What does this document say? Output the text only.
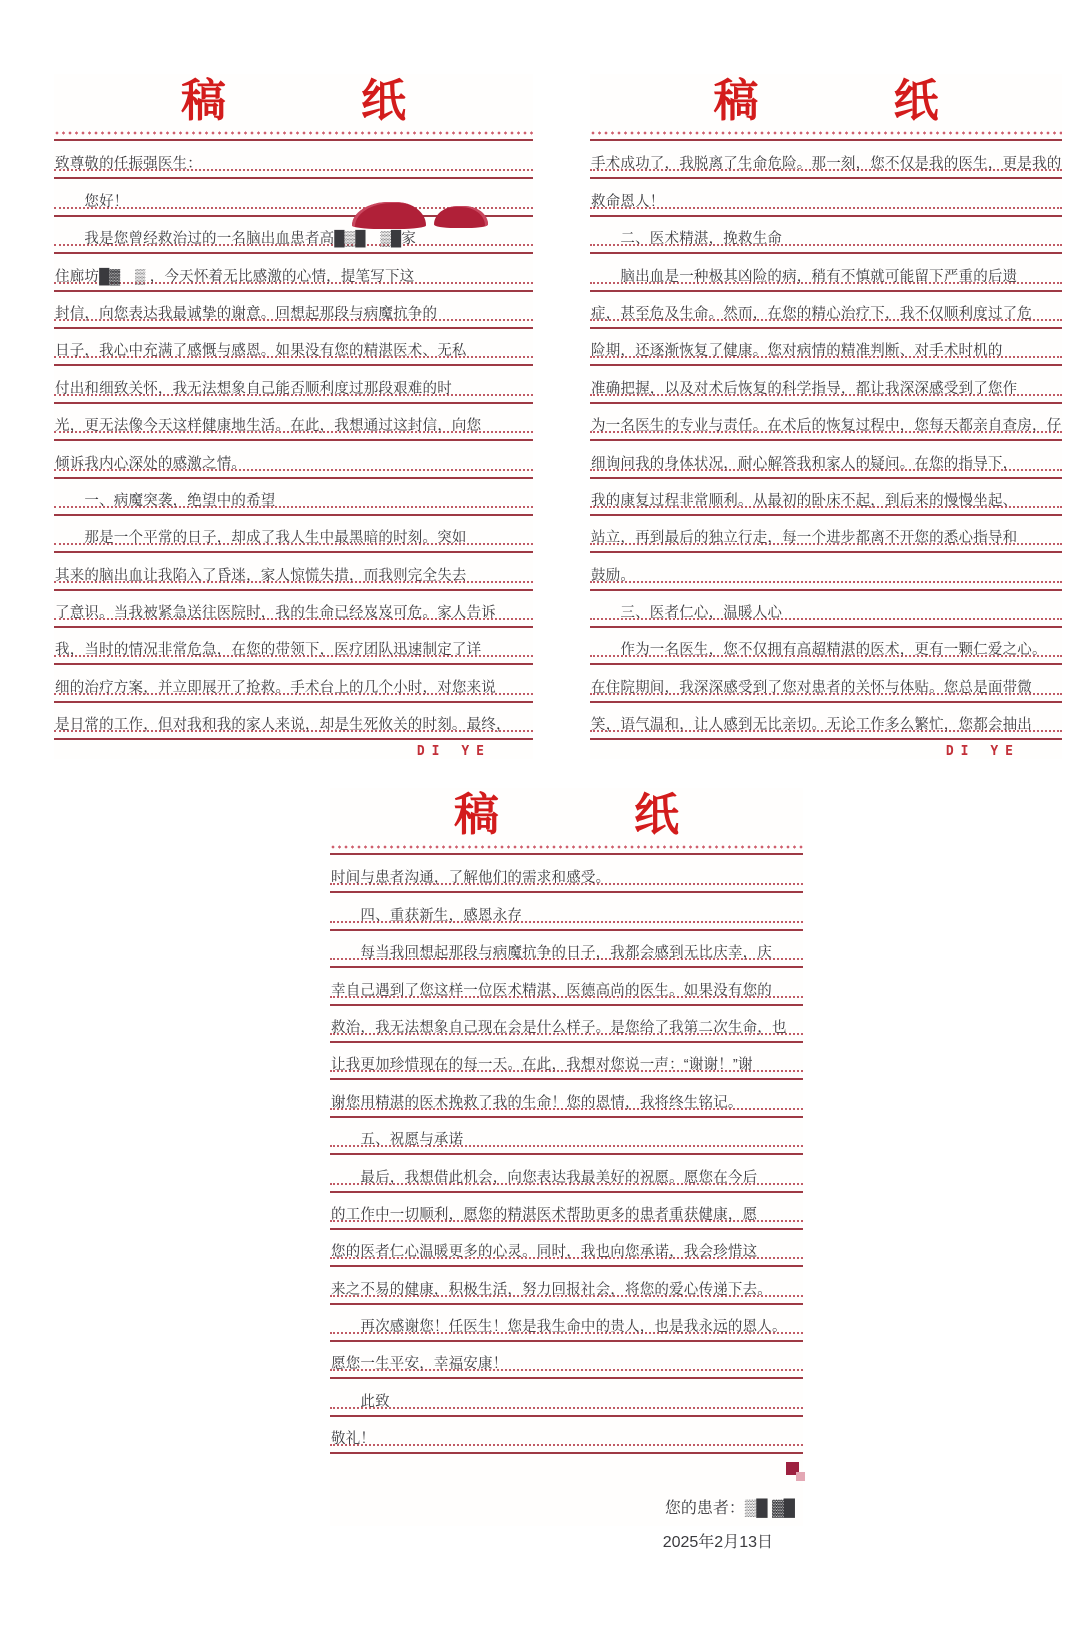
稿　　　纸
致尊敬的任振强医生：
　　您好！
　　我是您曾经救治过的一名脑出血患者高█▒█　▒█家
住廊坊█▓　▒ ，今天怀着无比感激的心情，提笔写下这
封信，向您表达我最诚挚的谢意。回想起那段与病魔抗争的
日子，我心中充满了感慨与感恩。如果没有您的精湛医术、无私
付出和细致关怀，我无法想象自己能否顺利度过那段艰难的时
光，更无法像今天这样健康地生活。在此，我想通过这封信，向您
倾诉我内心深处的感激之情。
　　一、病魔突袭，绝望中的希望
　　那是一个平常的日子，却成了我人生中最黑暗的时刻。突如
其来的脑出血让我陷入了昏迷，家人惊慌失措，而我则完全失去
了意识。当我被紧急送往医院时，我的生命已经岌岌可危。家人告诉
我，当时的情况非常危急，在您的带领下，医疗团队迅速制定了详
细的治疗方案，并立即展开了抢救。手术台上的几个小时，对您来说
是日常的工作，但对我和我的家人来说，却是生死攸关的时刻。最终，
DI YE
稿　　　纸
手术成功了，我脱离了生命危险。那一刻，您不仅是我的医生，更是我的
救命恩人！
　　二、医术精湛，挽救生命
　　脑出血是一种极其凶险的病，稍有不慎就可能留下严重的后遗
症，甚至危及生命。然而，在您的精心治疗下，我不仅顺利度过了危
险期，还逐渐恢复了健康。您对病情的精准判断、对手术时机的
准确把握，以及对术后恢复的科学指导，都让我深深感受到了您作
为一名医生的专业与责任。在术后的恢复过程中，您每天都亲自查房，仔
细询问我的身体状况，耐心解答我和家人的疑问。在您的指导下，
我的康复过程非常顺利。从最初的卧床不起，到后来的慢慢坐起、
站立，再到最后的独立行走，每一个进步都离不开您的悉心指导和
鼓励。
　　三、医者仁心，温暖人心
　　作为一名医生，您不仅拥有高超精湛的医术，更有一颗仁爱之心。
在住院期间，我深深感受到了您对患者的关怀与体贴。您总是面带微
笑，语气温和，让人感到无比亲切。无论工作多么繁忙，您都会抽出
DI YE
稿　　　纸
时间与患者沟通，了解他们的需求和感受。
　　四、重获新生，感恩永存
　　每当我回想起那段与病魔抗争的日子，我都会感到无比庆幸，庆
幸自己遇到了您这样一位医术精湛、医德高尚的医生。如果没有您的
救治，我无法想象自己现在会是什么样子。是您给了我第二次生命，也
让我更加珍惜现在的每一天。在此，我想对您说一声：“谢谢！”谢
谢您用精湛的医术挽救了我的生命！您的恩情，我将终生铭记。
　　五、祝愿与承诺
　　最后，我想借此机会，向您表达我最美好的祝愿。愿您在今后
的工作中一切顺利，愿您的精湛医术帮助更多的患者重获健康，愿
您的医者仁心温暖更多的心灵。同时，我也向您承诺，我会珍惜这
来之不易的健康，积极生活，努力回报社会，将您的爱心传递下去。
　　再次感谢您！任医生！您是我生命中的贵人，也是我永远的恩人。
愿您一生平安，幸福安康！
　　此致
敬礼！

您的患者：▒█ ▓█

2025年2月13日
